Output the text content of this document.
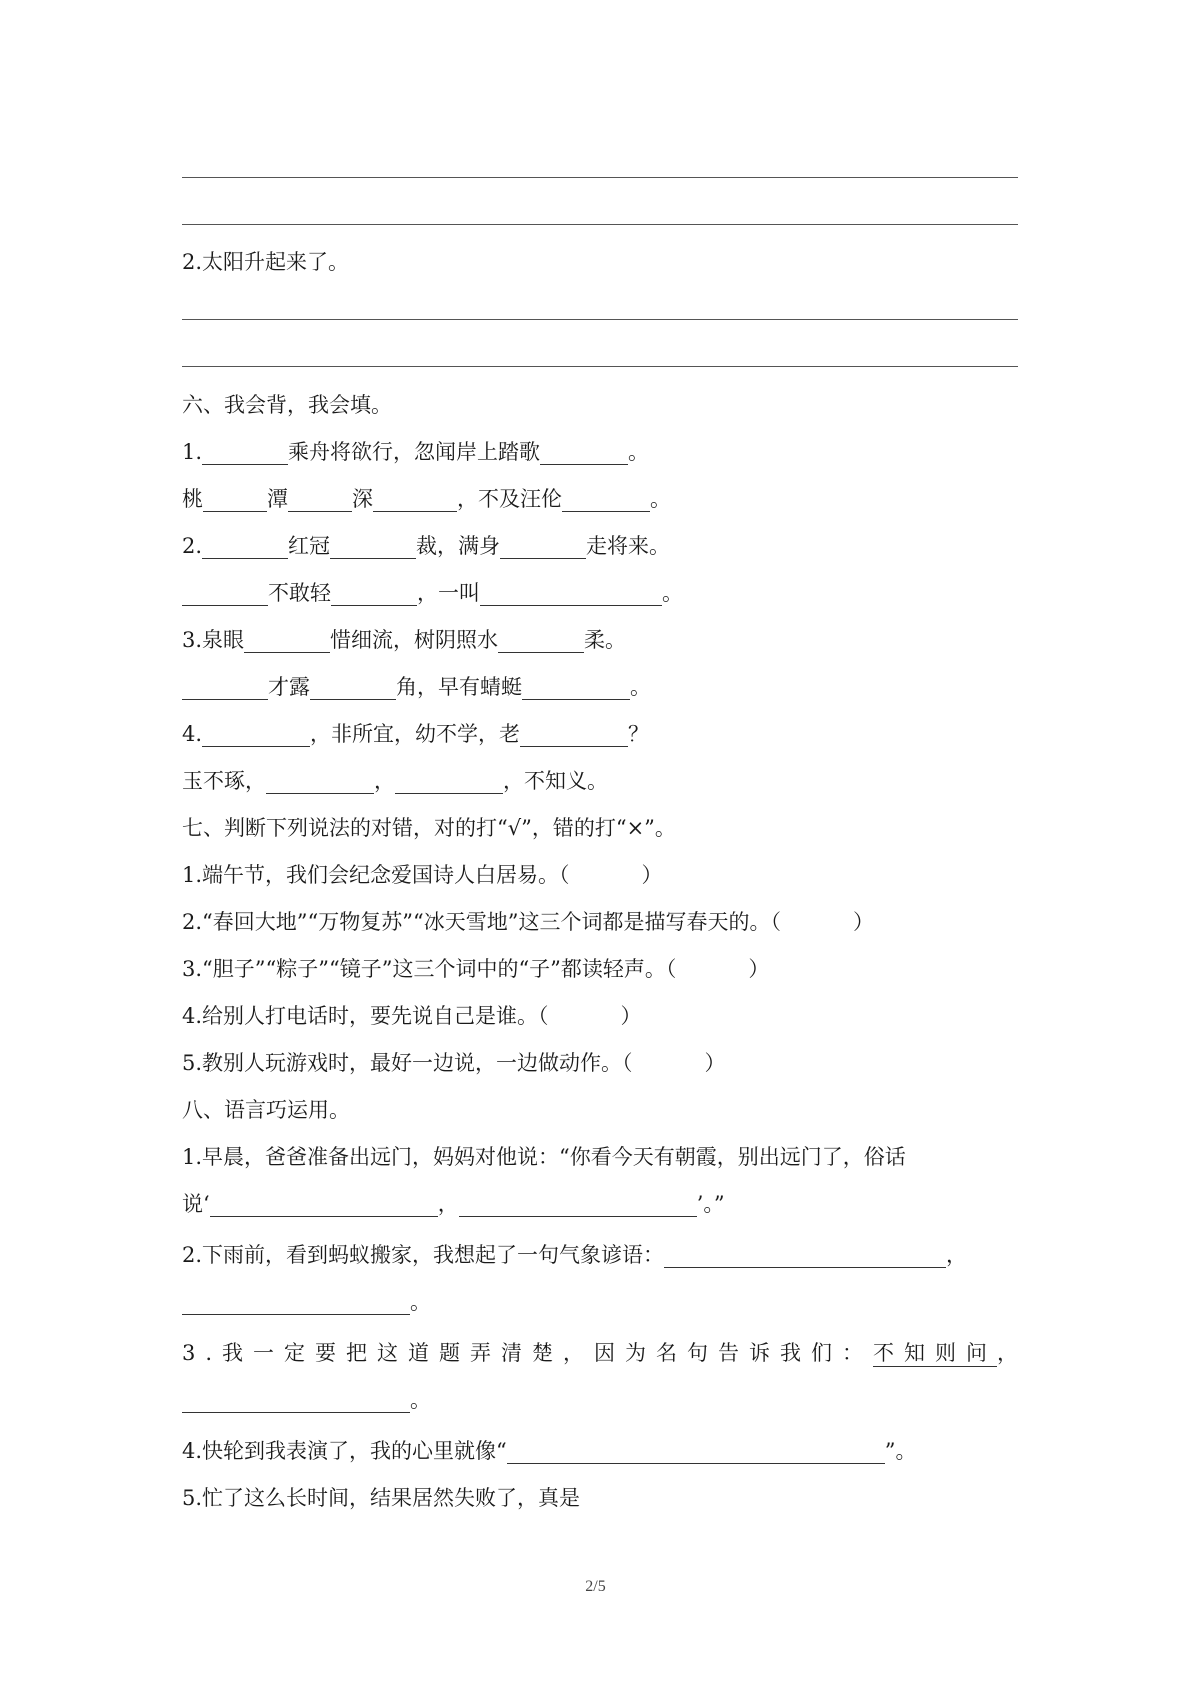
2.太阳升起来了。
六、我会背，我会填。
1.	乘舟将欲行，忽闻岸上踏歌	。
桃	潭	深	，不及汪伦	。
2.	红冠	裁，满身	走将来。
不敢轻	，一叫	。
3.泉眼	惜细流，树阴照水	柔。
才露	角，早有蜻蜓	。
4.	，非所宜，幼不学，老	？
玉不琢，	，	，不知义。
七、判断下列说法的对错，对的打“√”，错的打“×”。
1.端午节，我们会纪念爱国诗人白居易。（	）
2.“春回大地”“万物复苏”“冰天雪地”这三个词都是描写春天的。（	）
3.“胆子”“粽子”“镜子”这三个词中的“子”都读轻声。（	）
4.给别人打电话时，要先说自己是谁。（	）
5.教别人玩游戏时，最好一边说，一边做动作。（	）
八、语言巧运用。
1.早晨，爸爸准备出远门，妈妈对他说：“你看今天有朝霞，别出远门了，俗话
说‘	，	’。”
2.下雨前，看到蚂蚁搬家，我想起了一句气象谚语：	，
。
3.我一定要把这道题弄清楚，因为名句告诉我们：不知则问，
。
4.快轮到我表演了，我的心里就像“	”。
5.忙了这么长时间，结果居然失败了，真是
2/5
